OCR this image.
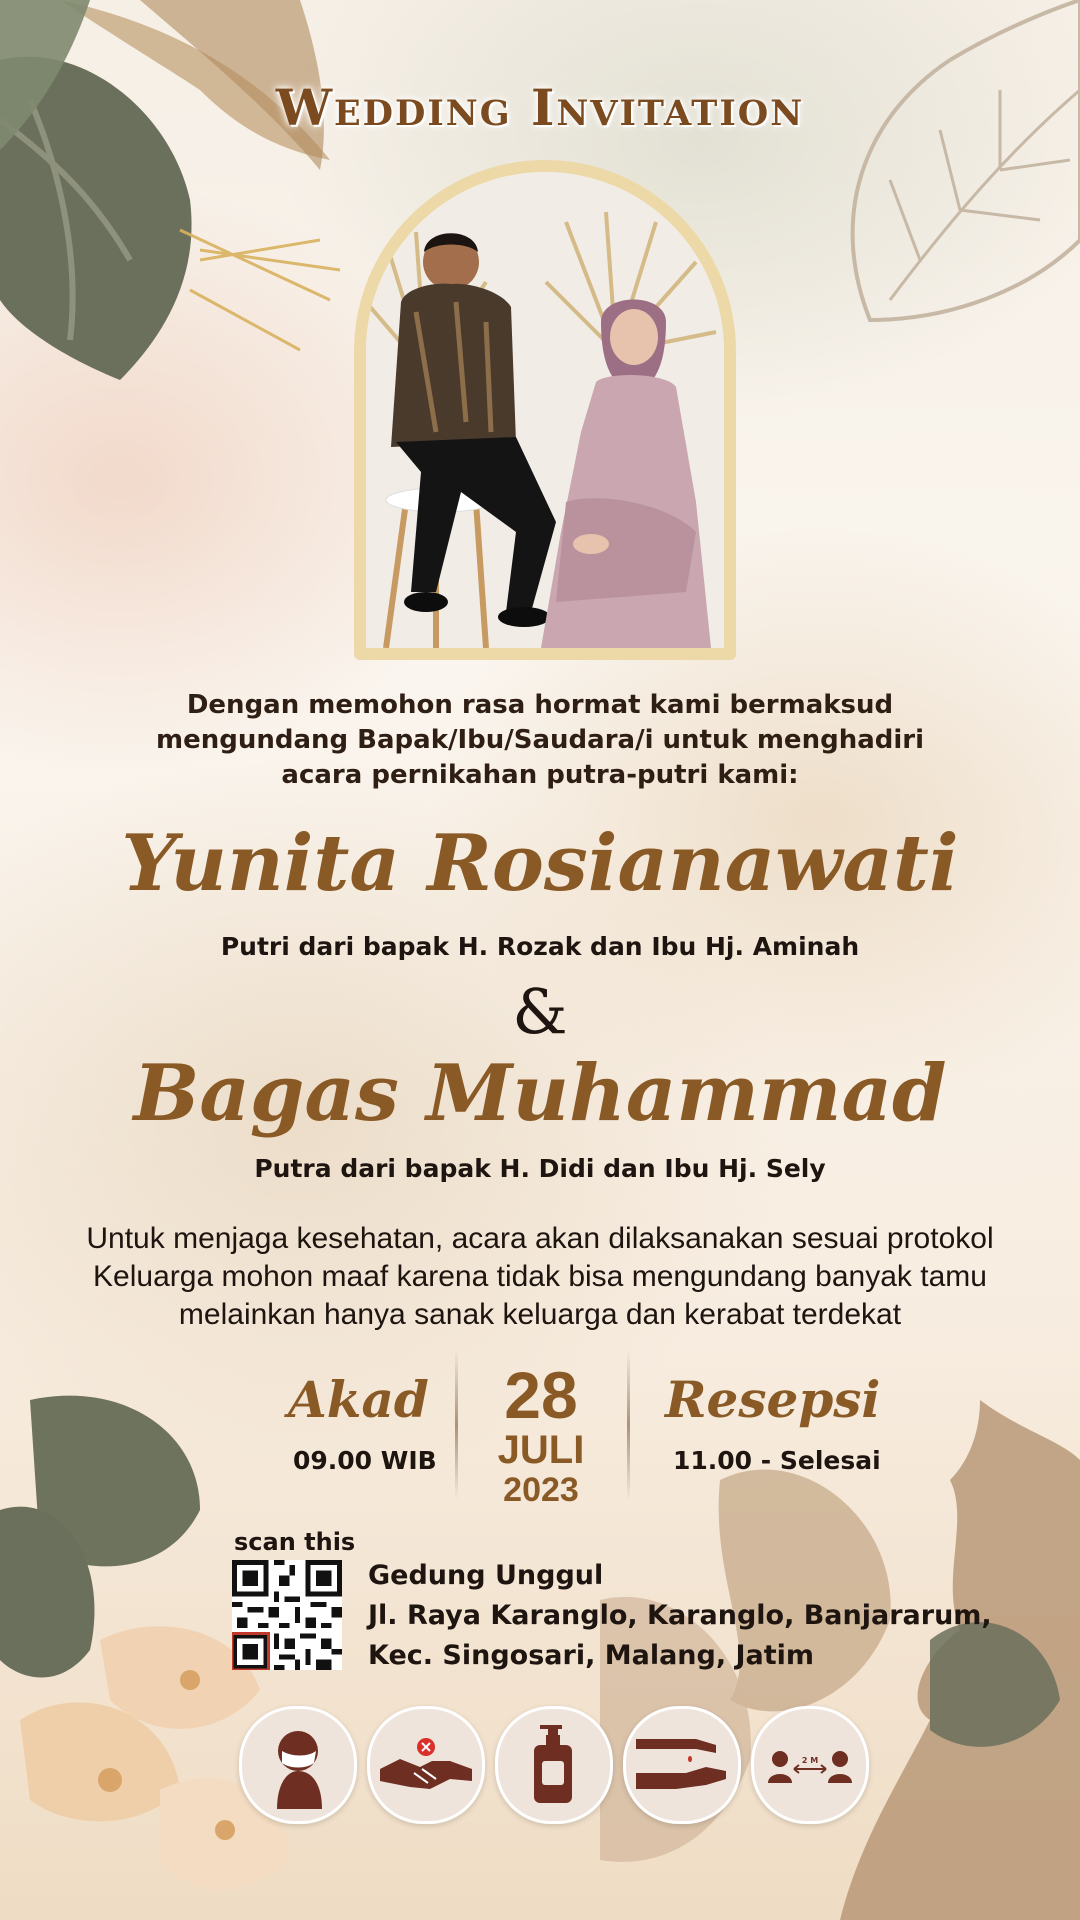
Wedding Invitation
Dengan memohon rasa hormat kami bermaksud
mengundang Bapak/Ibu/Saudara/i untuk menghadiri
acara pernikahan putra-putri kami:
Yunita Rosianawati
Putri dari bapak H. Rozak dan Ibu Hj. Aminah
&
Bagas Muhammad
Putra dari bapak H. Didi dan Ibu Hj. Sely
Untuk menjaga kesehatan, acara akan dilaksanakan sesuai protokol
Keluarga mohon maaf karena tidak bisa mengundang banyak tamu
melainkan hanya sanak keluarga dan kerabat terdekat
Akad
09.00 WIB
28
JULI
2023
Resepsi
11.00 - Selesai
scan this
Gedung Unggul
Jl. Raya Karanglo, Karanglo, Banjararum,
Kec. Singosari, Malang, Jatim
2 M
